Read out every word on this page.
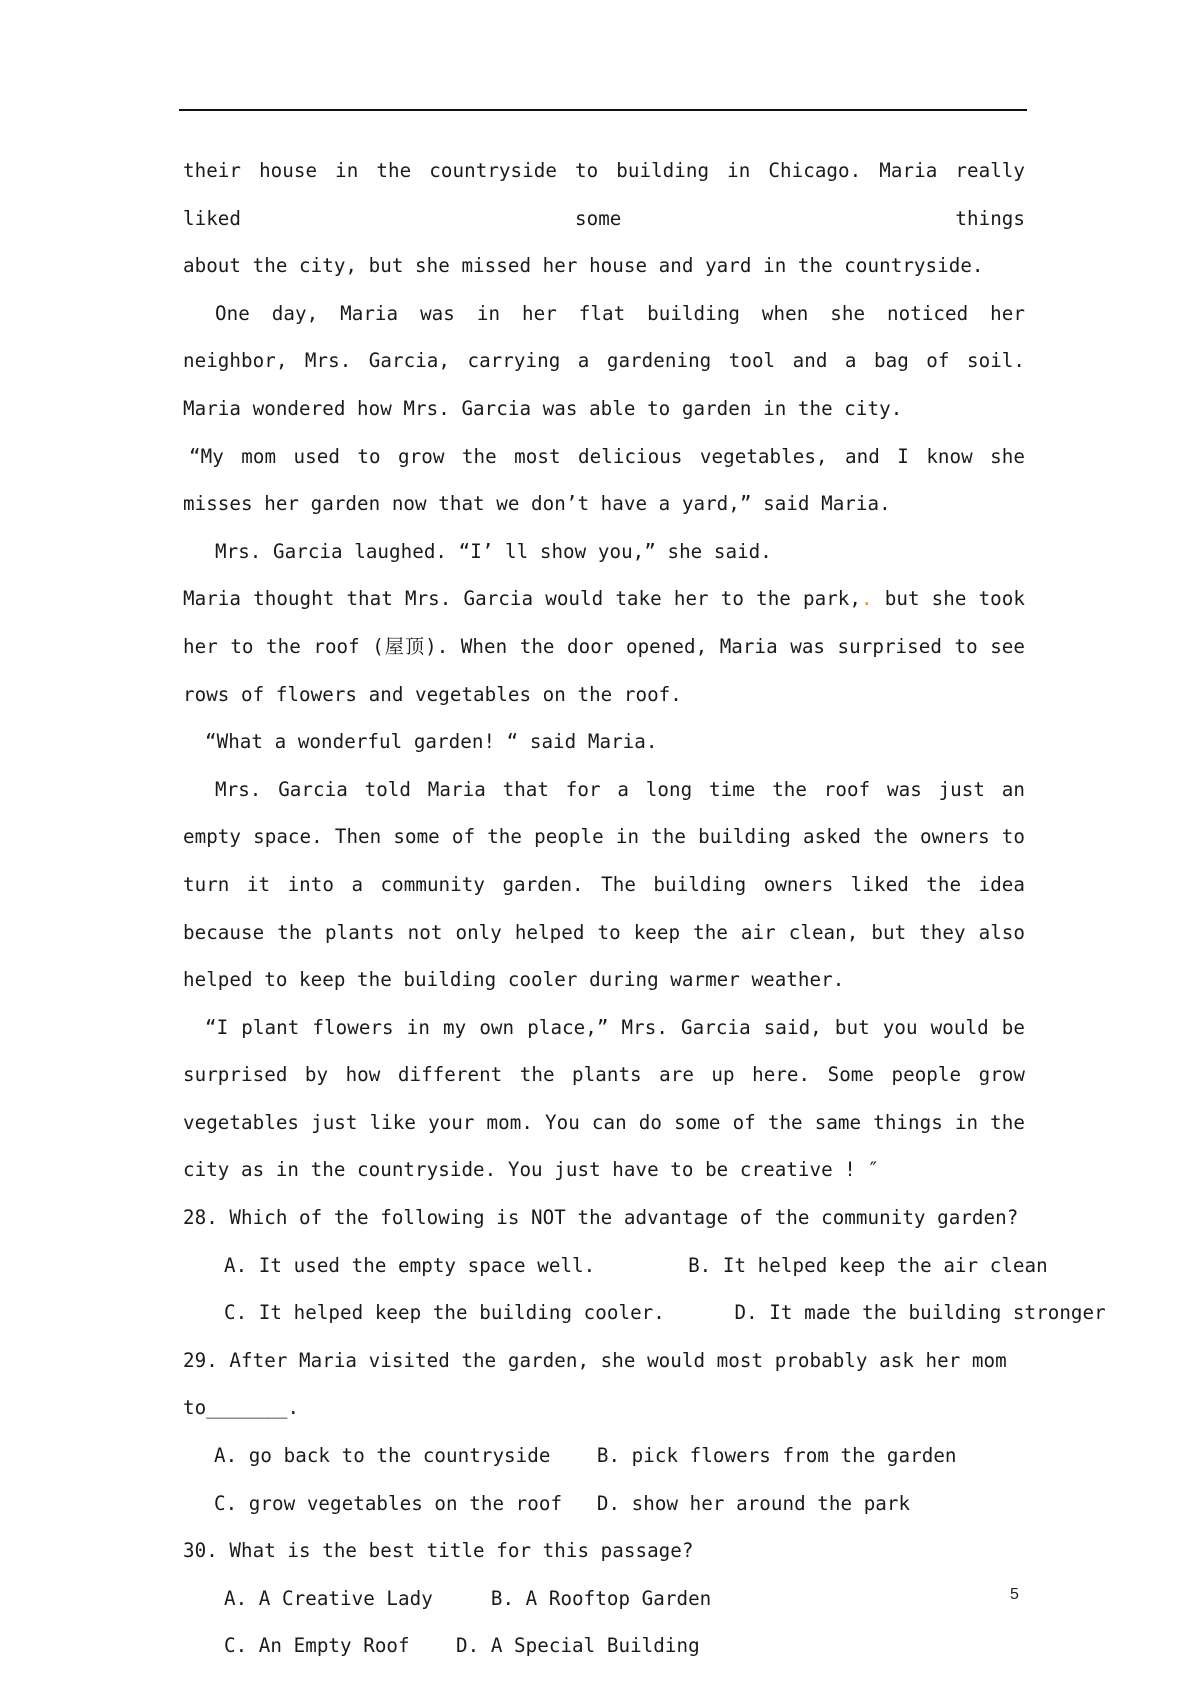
their house in the countryside to building in Chicago. Maria really liked some things

about the city, but she missed her house and yard in the countryside.

One day, Maria was in her flat building when she noticed her neighbor, Mrs. Garcia, carrying a gardening tool and a bag of soil. Maria wondered how Mrs. Garcia was able to garden in the city.

“My mom used to grow the most delicious vegetables, and I know she misses her garden now that we don’t have a yard,” said Maria.

Mrs. Garcia laughed. “I’ ll show you,” she said.

Maria thought that Mrs. Garcia would take her to the park,. but she took her to the roof (屋顶). When the door opened, Maria was surprised to see rows of flowers and vegetables on the roof.

“What a wonderful garden! “ said Maria.

Mrs. Garcia told Maria that for a long time the roof was just an empty space. Then some of the people in the building asked the owners to turn it into a community garden. The building owners liked the idea because the plants not only helped to keep the air clean, but they also helped to keep the building cooler during warmer weather.

“I plant flowers in my own place,” Mrs. Garcia said, but you would be surprised by how different the plants are up here. Some people grow vegetables just like your mom. You can do some of the same things in the city as in the countryside. You just have to be creative ! ″

28. Which of the following is NOT the advantage of the community garden?

A. It used the empty space well.        B. It helped keep the air clean
C. It helped keep the building cooler.      D. It made the building stronger

29. After Maria visited the garden, she would most probably ask her mom to_______.

A. go back to the countryside    B. pick flowers from the garden
C. grow vegetables on the roof   D. show her around the park

30. What is the best title for this passage?

A. A Creative Lady     B. A Rooftop Garden
C. An Empty Roof    D. A Special Building
5
